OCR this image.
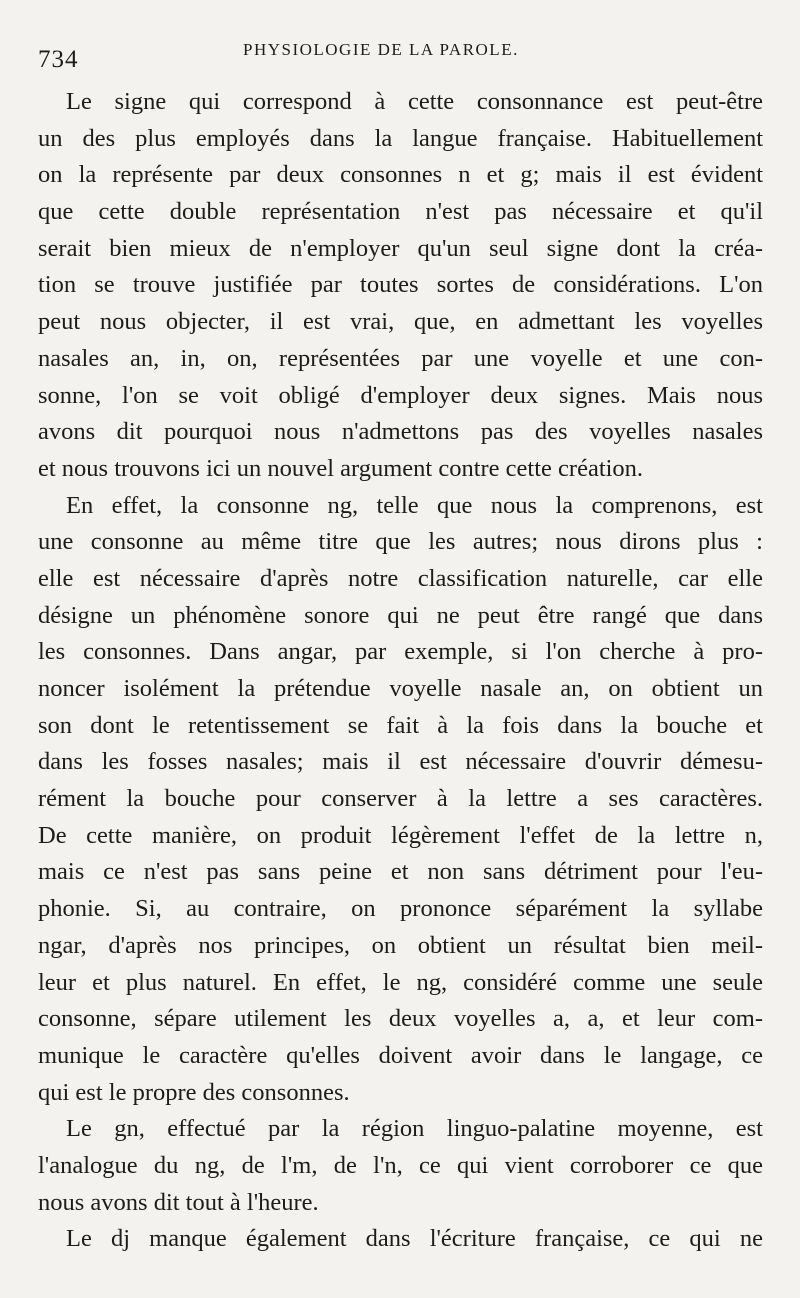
734	PHYSIOLOGIE DE LA PAROLE.
Le signe qui correspond à cette consonnance est peut-être
un des plus employés dans la langue française. Habituellement
on la représente par deux consonnes n et g; mais il est évident
que cette double représentation n'est pas nécessaire et qu'il
serait bien mieux de n'employer qu'un seul signe dont la créa-
tion se trouve justifiée par toutes sortes de considérations. L'on
peut nous objecter, il est vrai, que, en admettant les voyelles
nasales an, in, on, représentées par une voyelle et une con-
sonne, l'on se voit obligé d'employer deux signes. Mais nous
avons dit pourquoi nous n'admettons pas des voyelles nasales
et nous trouvons ici un nouvel argument contre cette création.
En effet, la consonne ng, telle que nous la comprenons, est
une consonne au même titre que les autres; nous dirons plus :
elle est nécessaire d'après notre classification naturelle, car elle
désigne un phénomène sonore qui ne peut être rangé que dans
les consonnes. Dans angar, par exemple, si l'on cherche à pro-
noncer isolément la prétendue voyelle nasale an, on obtient un
son dont le retentissement se fait à la fois dans la bouche et
dans les fosses nasales; mais il est nécessaire d'ouvrir démesu-
rément la bouche pour conserver à la lettre a ses caractères.
De cette manière, on produit légèrement l'effet de la lettre n,
mais ce n'est pas sans peine et non sans détriment pour l'eu-
phonie. Si, au contraire, on prononce séparément la syllabe
ngar, d'après nos principes, on obtient un résultat bien meil-
leur et plus naturel. En effet, le ng, considéré comme une seule
consonne, sépare utilement les deux voyelles a, a, et leur com-
munique le caractère qu'elles doivent avoir dans le langage, ce
qui est le propre des consonnes.
Le gn, effectué par la région linguo-palatine moyenne, est
l'analogue du ng, de l'm, de l'n, ce qui vient corroborer ce que
nous avons dit tout à l'heure.
Le dj manque également dans l'écriture française, ce qui ne
